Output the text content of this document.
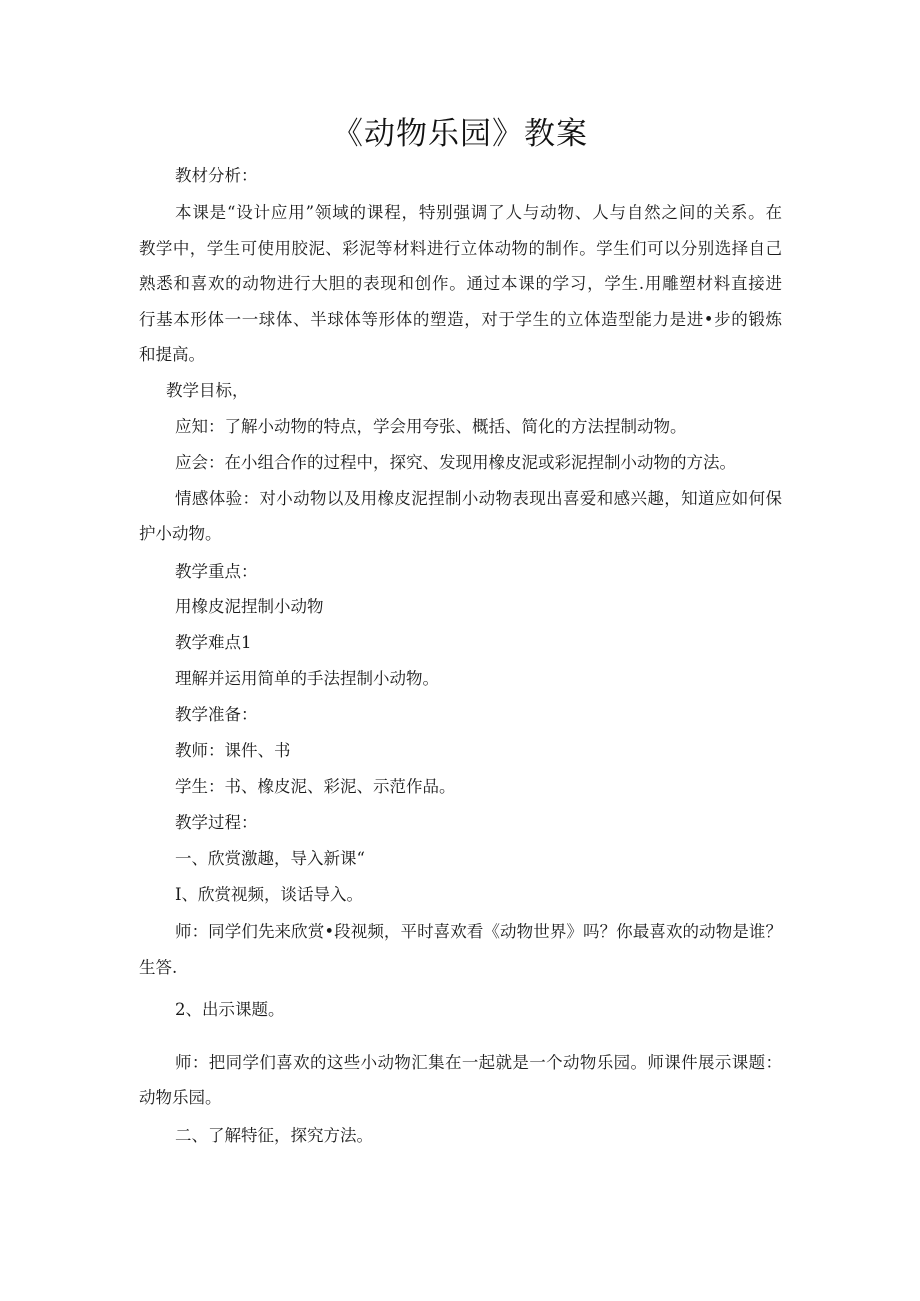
《动物乐园》教案
教材分析：
本课是“设计应用”领域的课程，特别强调了人与动物、人与自然之间的关系。在
教学中，学生可使用胶泥、彩泥等材料进行立体动物的制作。学生们可以分别选择自己
熟悉和喜欢的动物进行大胆的表现和创作。通过本课的学习，学生.用雕塑材料直接进
行基本形体一一球体、半球体等形体的塑造，对于学生的立体造型能力是进•步的锻炼
和提高。
教学目标，
应知：了解小动物的特点，学会用夸张、概括、简化的方法捏制动物。
应会：在小组合作的过程中，探究、发现用橡皮泥或彩泥捏制小动物的方法。
情感体验：对小动物以及用橡皮泥捏制小动物表现出喜爱和感兴趣，知道应如何保
护小动物。
教学重点：
用橡皮泥捏制小动物
教学难点1
理解并运用简单的手法捏制小动物。
教学准备：
教师：课件、书
学生：书、橡皮泥、彩泥、示范作品。
教学过程：
一、欣赏激趣，导入新课“
I、欣赏视频，谈话导入。
师：同学们先来欣赏•段视频，平时喜欢看《动物世界》吗？你最喜欢的动物是谁？
生答.
2、出示课题。
师：把同学们喜欢的这些小动物汇集在一起就是一个动物乐园。师课件展示课题：
动物乐园。
二、了解特征，探究方法。
